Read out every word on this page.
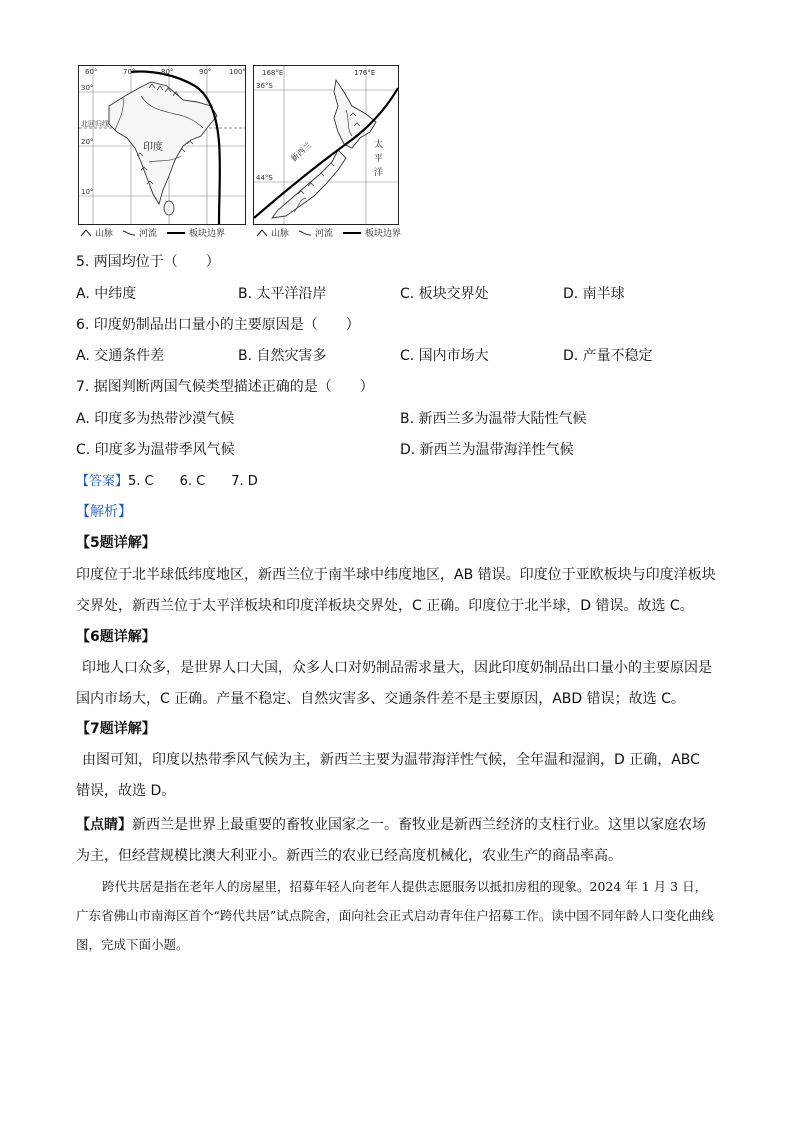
60°	70°	80°	90°	100°
30°
20°
10°
北回归线
印度
山脉	河流	板块边界
168°E	176°E
36°S
44°S
新西兰	太
平
洋
山脉	河流	板块边界
5. 两国均位于（　　）
A. 中纬度	B. 太平洋沿岸	C. 板块交界处	D. 南半球
6. 印度奶制品出口量小的主要原因是（　　）
A. 交通条件差	B. 自然灾害多	C. 国内市场大	D. 产量不稳定
7. 据图判断两国气候类型描述正确的是（　　）
A. 印度多为热带沙漠气候	B. 新西兰多为温带大陆性气候
C. 印度多为温带季风气候	D. 新西兰为温带海洋性气候
【答案】5. C　　6. C　　7. D
【解析】
【5题详解】
印度位于北半球低纬度地区，新西兰位于南半球中纬度地区，AB 错误。印度位于亚欧板块与印度洋板块交界处，新西兰位于太平洋板块和印度洋板块交界处，C 正确。印度位于北半球，D 错误。故选 C。
【6题详解】
印地人口众多，是世界人口大国，众多人口对奶制品需求量大，因此印度奶制品出口量小的主要原因是国内市场大，C 正确。产量不稳定、自然灾害多、交通条件差不是主要原因，ABD 错误；故选 C。
【7题详解】
由图可知，印度以热带季风气候为主，新西兰主要为温带海洋性气候，全年温和湿润，D 正确，ABC 错误，故选 D。
【点睛】新西兰是世界上最重要的畜牧业国家之一。畜牧业是新西兰经济的支柱行业。这里以家庭农场为主，但经营规模比澳大利亚小。新西兰的农业已经高度机械化，农业生产的商品率高。
跨代共居是指在老年人的房屋里，招募年轻人向老年人提供志愿服务以抵扣房租的现象。2024 年 1 月 3 日，广东省佛山市南海区首个“跨代共居”试点院舍，面向社会正式启动青年住户招募工作。读中国不同年龄人口变化曲线图，完成下面小题。
